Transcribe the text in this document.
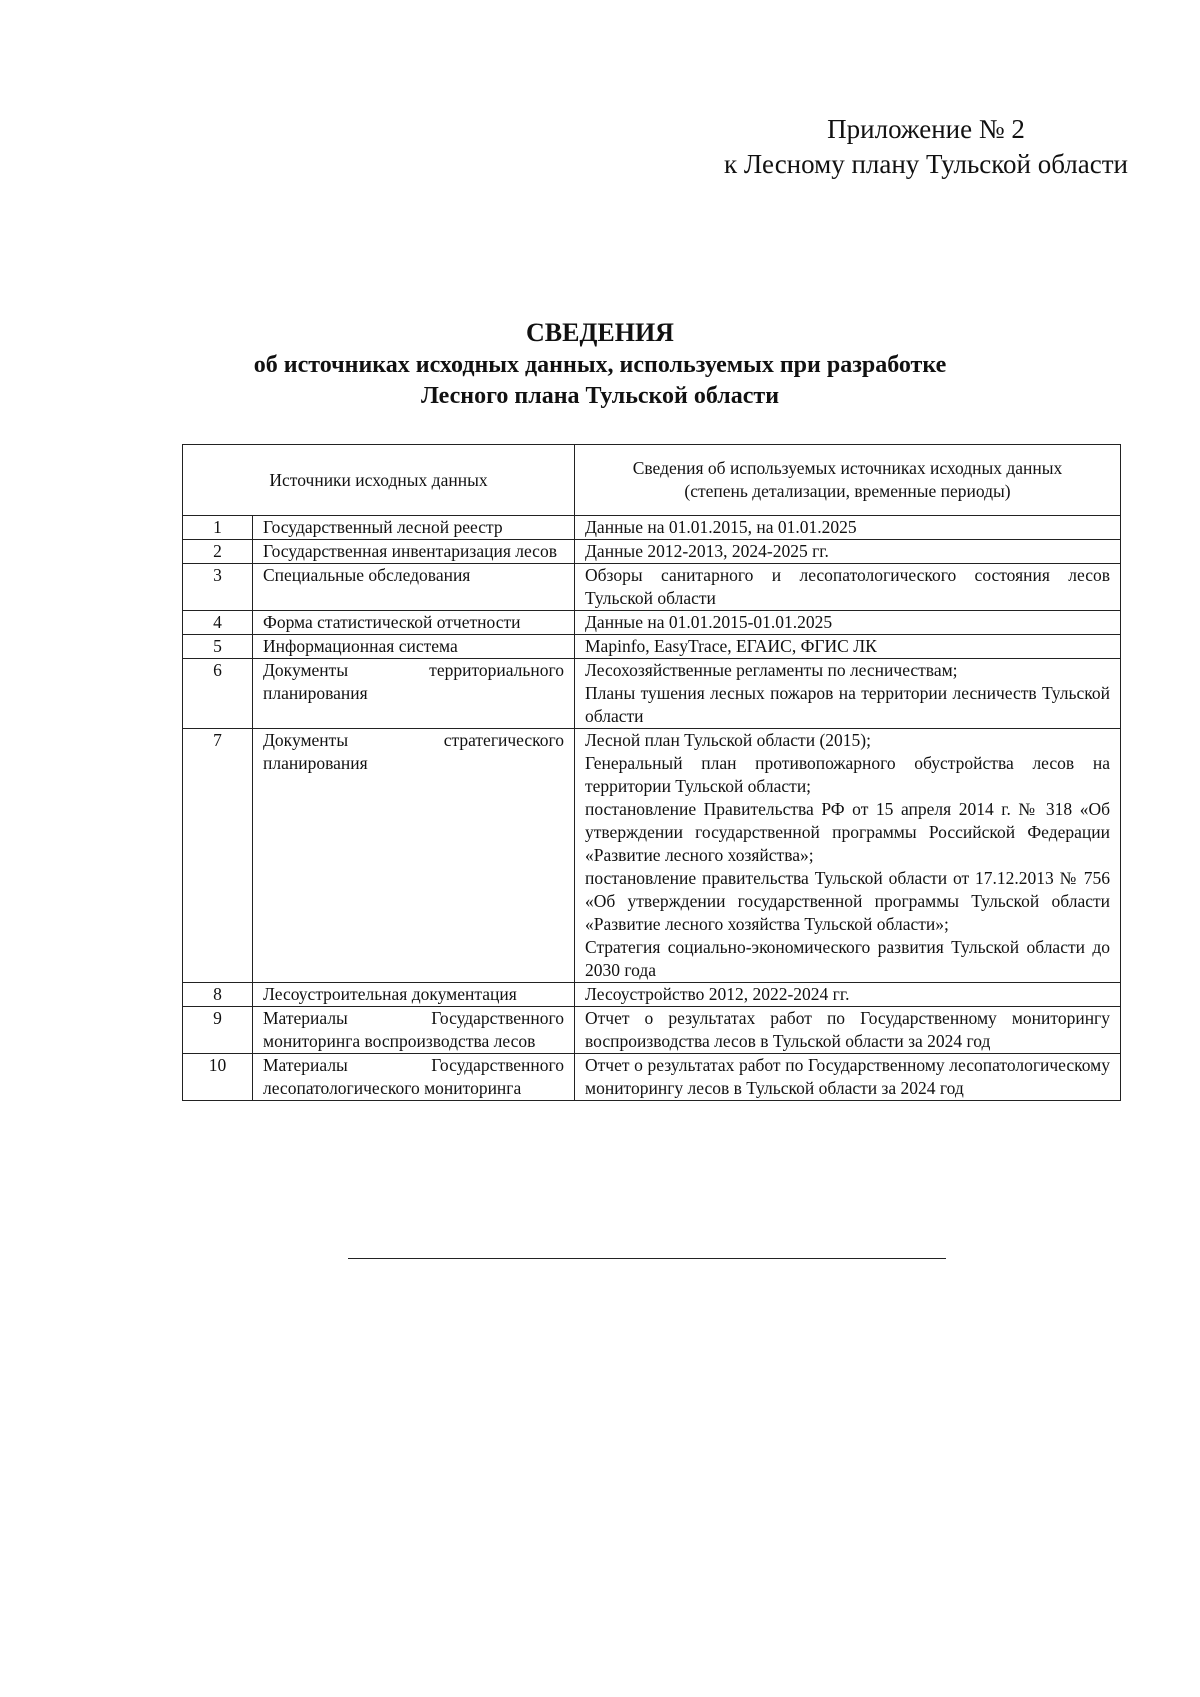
Приложение № 2
к Лесному плану Тульской области
СВЕДЕНИЯ
об источниках исходных данных, используемых при разработке
Лесного плана Тульской области
Источники исходных данных		Сведения об используемых источниках исходных данных
(степень детализации, временные периоды)

1	Государственный лесной реестр	Данные на 01.01.2015, на 01.01.2025

2	Государственная инвентаризация лесов	Данные 2012-2013, 2024-2025 гг.

3	Специальные обследования	Обзоры санитарного и лесопатологического состояния лесов Тульской области

4	Форма статистической отчетности	Данные на 01.01.2015-01.01.2025

5	Информационная система	Mapinfo, EasyTrace, ЕГАИС, ФГИС ЛК

6	Документы территориального планирования	Лесохозяйственные регламенты по лесничествам;
Планы тушения лесных пожаров на территории лесничеств Тульской области

7	Документы стратегического планирования	Лесной план Тульской области (2015);
Генеральный план противопожарного обустройства лесов на территории Тульской области;
постановление Правительства РФ от 15 апреля 2014 г. № 318 «Об утверждении государственной программы Российской Федерации «Развитие лесного хозяйства»;
постановление правительства Тульской области от 17.12.2013 № 756 «Об утверждении государственной программы Тульской области «Развитие лесного хозяйства Тульской области»;
Стратегия социально-экономического развития Тульской области до 2030 года

8	Лесоустроительная документация	Лесоустройство 2012, 2022-2024 гг.

9	Материалы Государственного мониторинга воспроизводства лесов	Отчет о результатах работ по Государственному мониторингу воспроизводства лесов в Тульской области за 2024 год

10	Материалы Государственного лесопатологического мониторинга	Отчет о результатах работ по Государственному лесопатологическому мониторингу лесов в Тульской области за 2024 год
